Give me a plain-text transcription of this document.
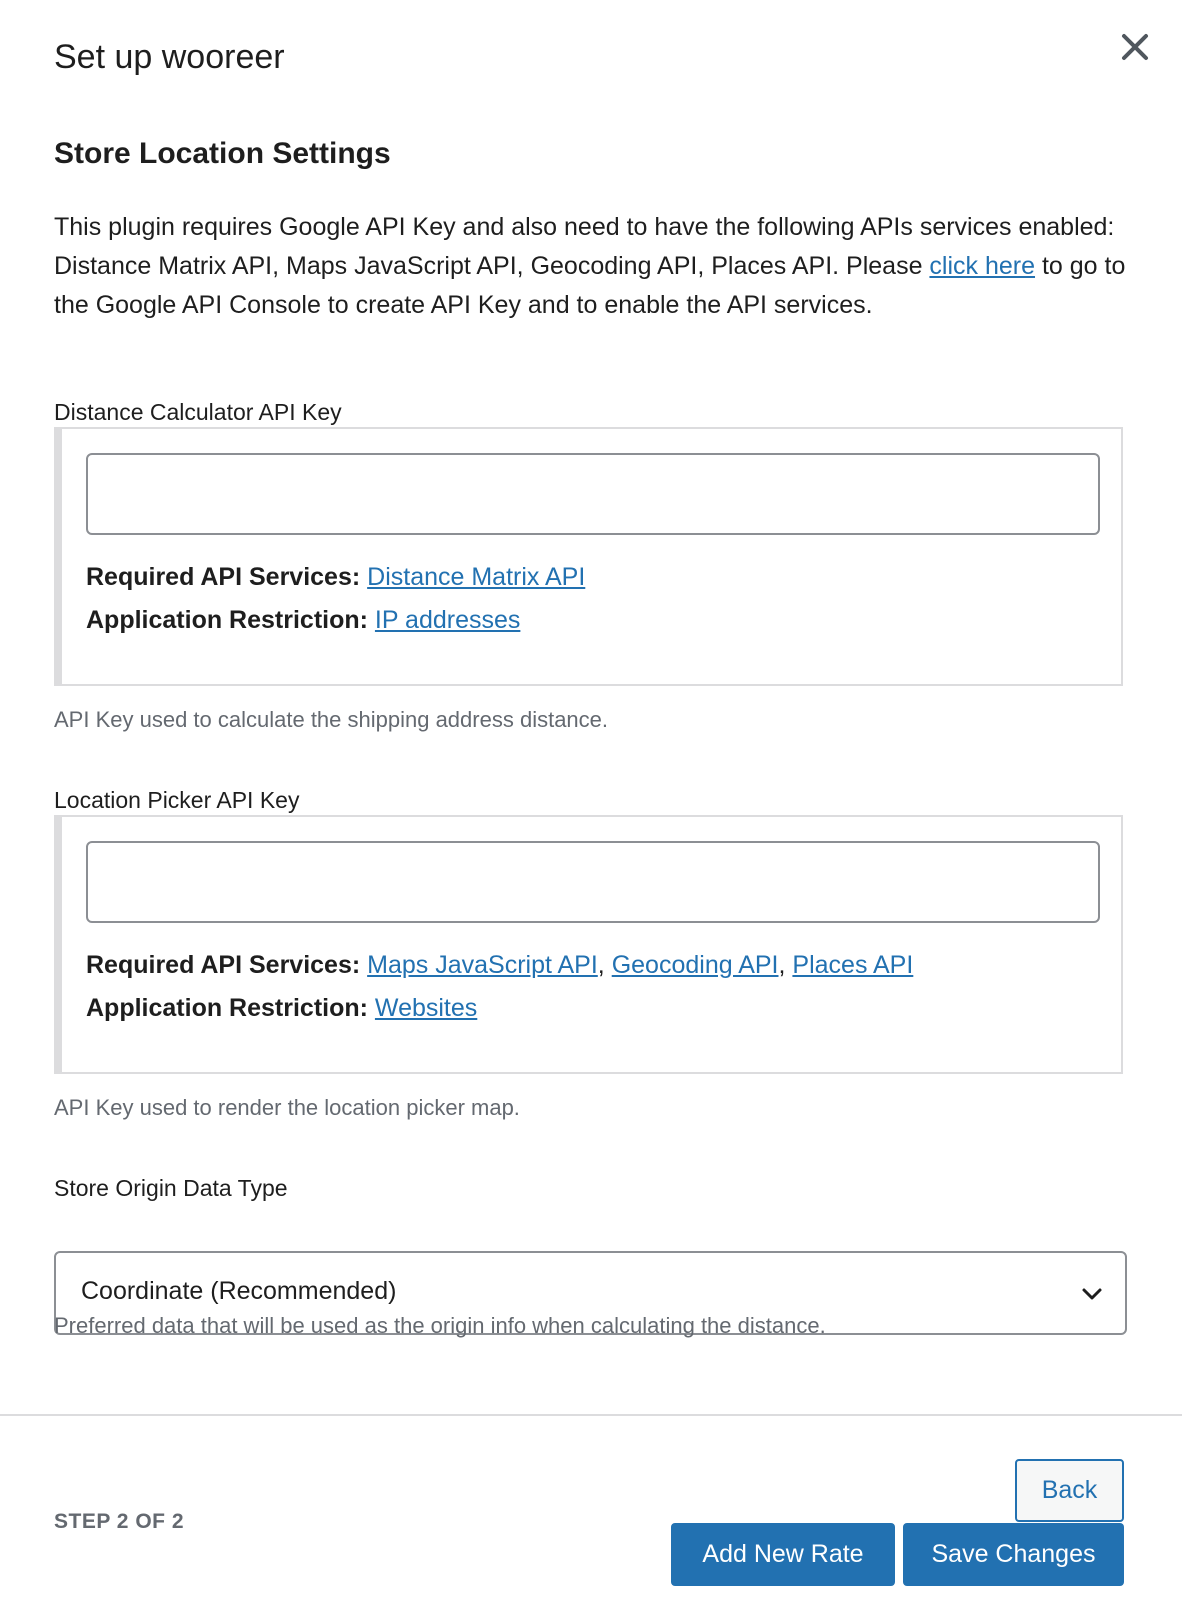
Set up wooreer
Store Location Settings
This plugin requires Google API Key and also need to have the following APIs services enabled: Distance Matrix API, Maps JavaScript API, Geocoding API, Places API. Please click here to go to the Google API Console to create API Key and to enable the API services.
Distance Calculator API Key
Required API Services: Distance Matrix API
Application Restriction: IP addresses
API Key used to calculate the shipping address distance.
Location Picker API Key
Required API Services: Maps JavaScript API, Geocoding API, Places API
Application Restriction: Websites
API Key used to render the location picker map.
Store Origin Data Type
Coordinate (Recommended)
Preferred data that will be used as the origin info when calculating the distance.
STEP 2 OF 2
Back
Add New Rate	Save Changes
